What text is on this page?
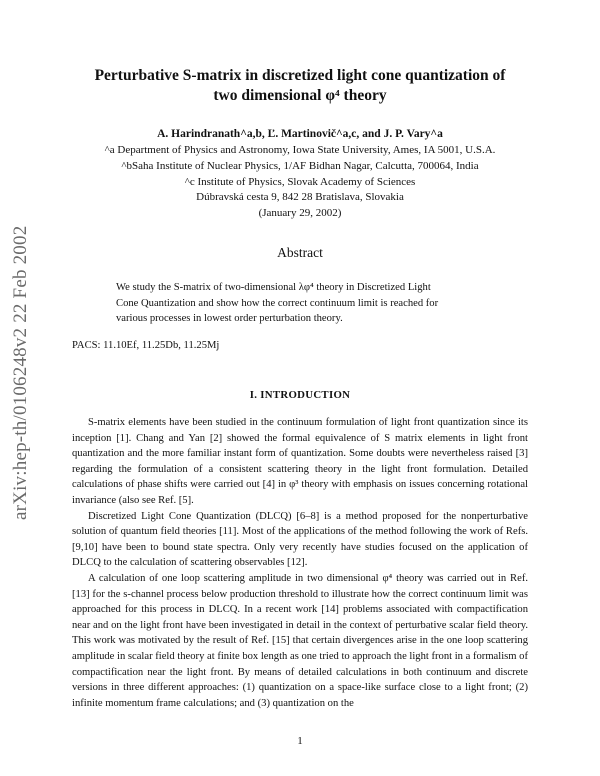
arXiv:hep-th/0106248v2 22 Feb 2002
Perturbative S-matrix in discretized light cone quantization of
two dimensional φ⁴ theory
A. Harindranath^a,b, Ľ. Martinovič^a,c, and J. P. Vary^a
^a Department of Physics and Astronomy, Iowa State University, Ames, IA 5001, U.S.A.
^bSaha Institute of Nuclear Physics, 1/AF Bidhan Nagar, Calcutta, 700064, India
^c Institute of Physics, Slovak Academy of Sciences
Dúbravská cesta 9, 842 28 Bratislava, Slovakia
(January 29, 2002)
Abstract
We study the S-matrix of two-dimensional λφ⁴ theory in Discretized Light
Cone Quantization and show how the correct continuum limit is reached for
various processes in lowest order perturbation theory.
PACS: 11.10Ef, 11.25Db, 11.25Mj
I. INTRODUCTION

S-matrix elements have been studied in the continuum formulation of light front quantization since its inception [1]. Chang and Yan [2] showed the formal equivalence of S matrix elements in light front quantization and the more familiar instant form of quantization. Some doubts were nevertheless raised [3] regarding the formulation of a consistent scattering theory in the light front formulation. Detailed calculations of phase shifts were carried out [4] in φ³ theory with emphasis on issues concerning rotational invariance (also see Ref. [5].

Discretized Light Cone Quantization (DLCQ) [6–8] is a method proposed for the nonperturbative solution of quantum field theories [11]. Most of the applications of the method following the work of Refs. [9,10] have been to bound state spectra. Only very recently have studies focused on the application of DLCQ to the calculation of scattering observables [12].

A calculation of one loop scattering amplitude in two dimensional φ⁴ theory was carried out in Ref. [13] for the s-channel process below production threshold to illustrate how the correct continuum limit was approached for this process in DLCQ. In a recent work [14] problems associated with compactification near and on the light front have been investigated in detail in the context of perturbative scalar field theory. This work was motivated by the result of Ref. [15] that certain divergences arise in the one loop scattering amplitude in scalar field theory at finite box length as one tried to approach the light front in a formalism of compactification near the light front. By means of detailed calculations in both continuum and discrete versions in three different approaches: (1) quantization on a space-like surface close to a light front; (2) infinite momentum frame calculations; and (3) quantization on the

1
